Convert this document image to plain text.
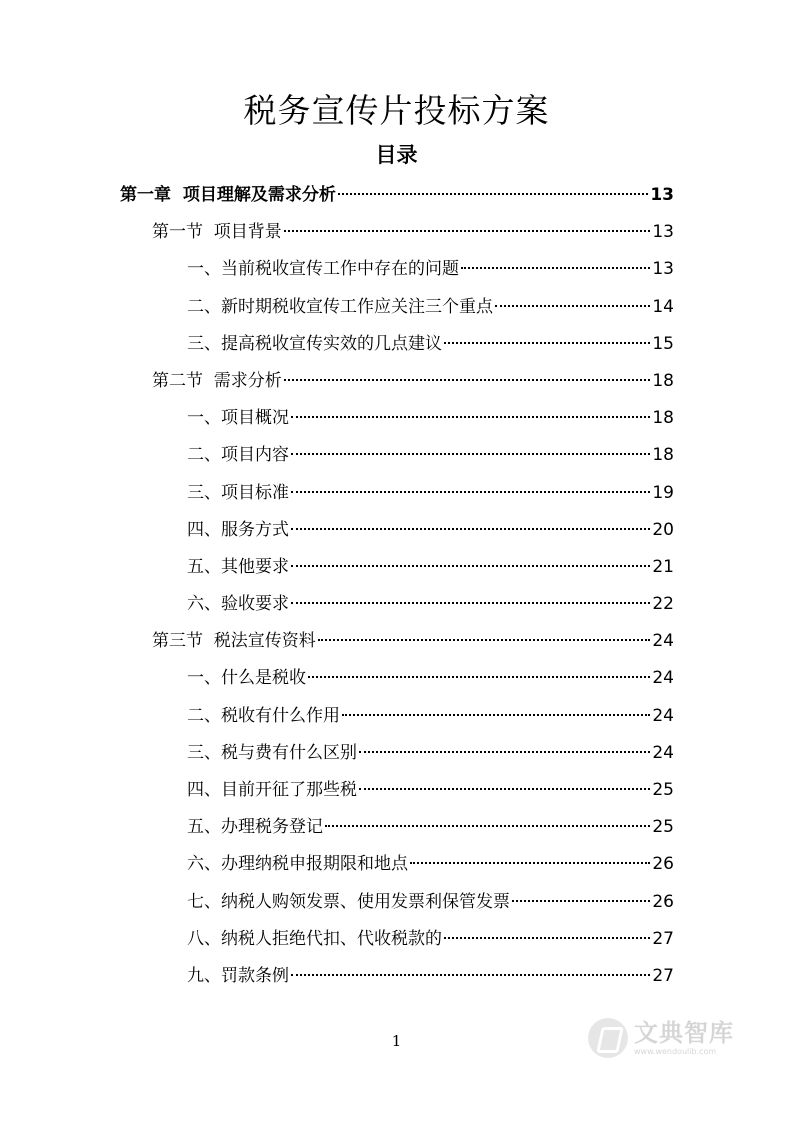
税务宣传片投标方案
目录
第一章  项目理解及需求分析	13
第一节  项目背景	13
一、当前税收宣传工作中存在的问题	13
二、新时期税收宣传工作应关注三个重点	14
三、提高税收宣传实效的几点建议	15
第二节  需求分析	18
一、项目概况	18
二、项目内容	18
三、项目标准	19
四、服务方式	20
五、其他要求	21
六、验收要求	22
第三节  税法宣传资料	24
一、什么是税收	24
二、税收有什么作用	24
三、税与费有什么区别	24
四、目前开征了那些税	25
五、办理税务登记	25
六、办理纳税申报期限和地点	26
七、纳税人购领发票、使用发票利保管发票	26
八、纳税人拒绝代扣、代收税款的	27
九、罚款条例	27
1	文典智库
www.wendoulib.com
